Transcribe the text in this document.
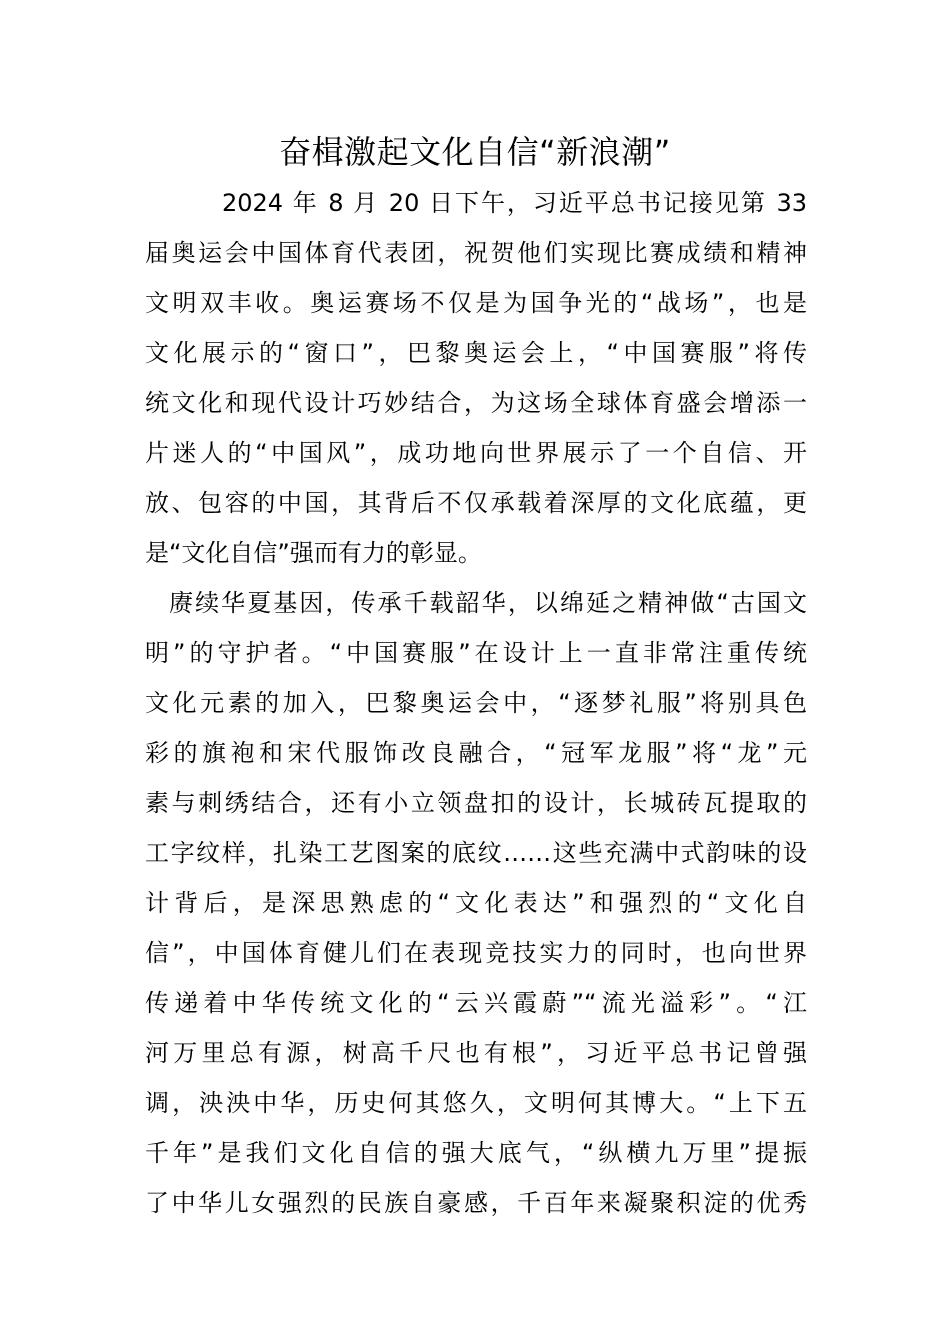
奋楫激起文化自信“新浪潮”
2024 年 8 月 20 日下午，习近平总书记接见第 33
届奥运会中国体育代表团，祝贺他们实现比赛成绩和精神
文明双丰收。奥运赛场不仅是为国争光的“战场”，也是
文化展示的“窗口”，巴黎奥运会上，“中国赛服”将传
统文化和现代设计巧妙结合，为这场全球体育盛会增添一
片迷人的“中国风”，成功地向世界展示了一个自信、开
放、包容的中国，其背后不仅承载着深厚的文化底蕴，更
是“文化自信”强而有力的彰显。
赓续华夏基因，传承千载韶华，以绵延之精神做“古国文
明”的守护者。“中国赛服”在设计上一直非常注重传统
文化元素的加入，巴黎奥运会中，“逐梦礼服”将别具色
彩的旗袍和宋代服饰改良融合，“冠军龙服”将“龙”元
素与刺绣结合，还有小立领盘扣的设计，长城砖瓦提取的
工字纹样，扎染工艺图案的底纹……这些充满中式韵味的设
计背后，是深思熟虑的“文化表达”和强烈的“文化自
信”，中国体育健儿们在表现竞技实力的同时，也向世界
传递着中华传统文化的“云兴霞蔚”“流光溢彩”。“江
河万里总有源，树高千尺也有根”，习近平总书记曾强
调，泱泱中华，历史何其悠久，文明何其博大。“上下五
千年”是我们文化自信的强大底气，“纵横九万里”提振
了中华儿女强烈的民族自豪感，千百年来凝聚积淀的优秀
